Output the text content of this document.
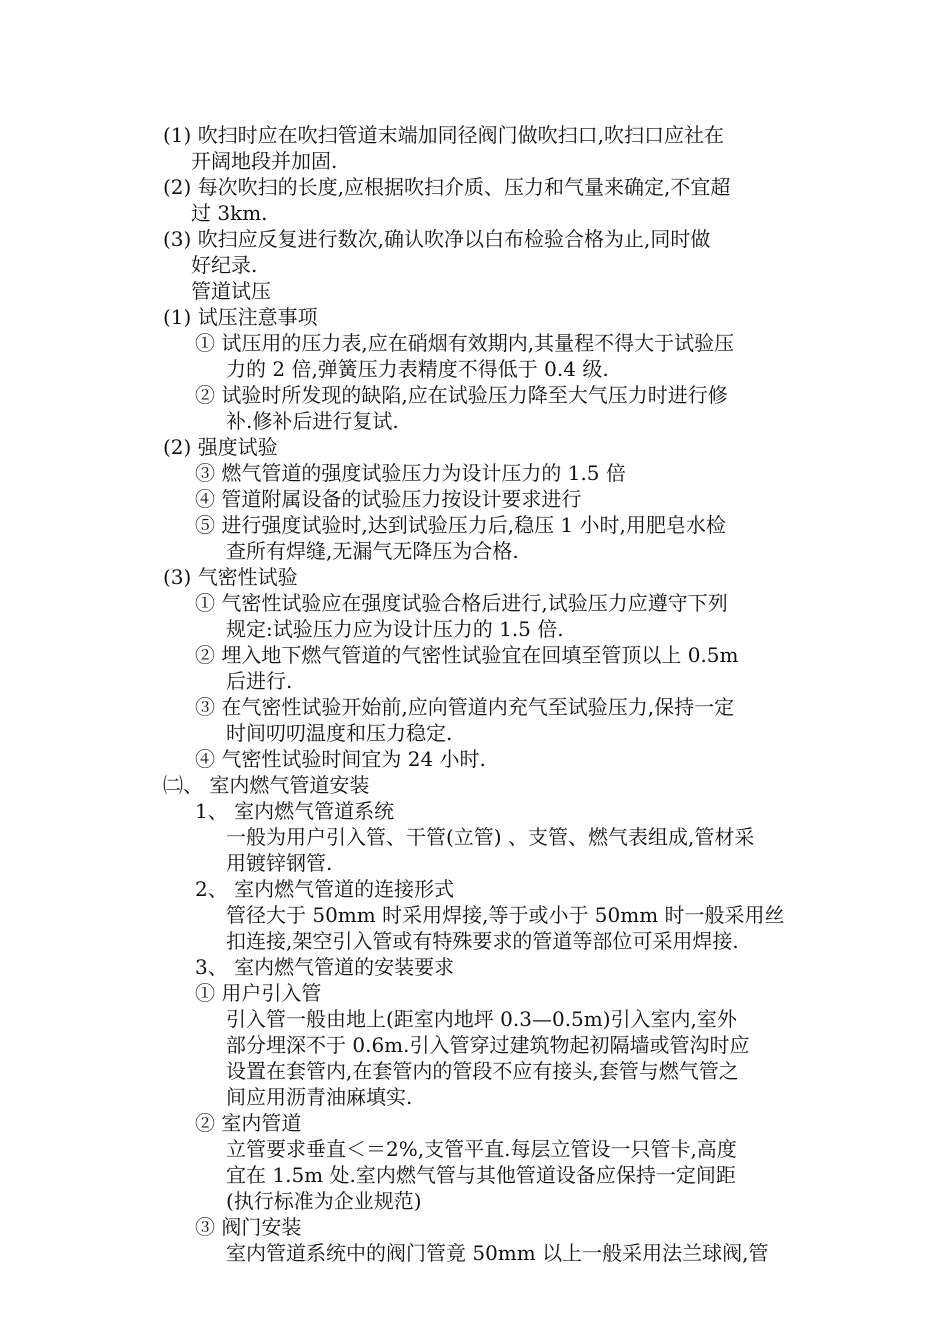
(1) 吹扫时应在吹扫管道末端加同径阀门做吹扫口,吹扫口应社在
开阔地段并加固.
(2) 每次吹扫的长度,应根据吹扫介质、压力和气量来确定,不宜超
过 3km.
(3) 吹扫应反复进行数次,确认吹净以白布检验合格为止,同时做
好纪录.
管道试压
(1) 试压注意事项
① 试压用的压力表,应在硝烟有效期内,其量程不得大于试验压
力的 2 倍,弹簧压力表精度不得低于 0.4 级.
② 试验时所发现的缺陷,应在试验压力降至大气压力时进行修
补.修补后进行复试.
(2) 强度试验
③ 燃气管道的强度试验压力为设计压力的 1.5 倍
④ 管道附属设备的试验压力按设计要求进行
⑤ 进行强度试验时,达到试验压力后,稳压 1 小时,用肥皂水检
查所有焊缝,无漏气无降压为合格.
(3) 气密性试验
① 气密性试验应在强度试验合格后进行,试验压力应遵守下列
规定:试验压力应为设计压力的 1.5 倍.
② 埋入地下燃气管道的气密性试验宜在回填至管顶以上 0.5m
后进行.
③ 在气密性试验开始前,应向管道内充气至试验压力,保持一定
时间叨叨温度和压力稳定.
④ 气密性试验时间宜为 24 小时.
㈡、 室内燃气管道安装
1、 室内燃气管道系统
一般为用户引入管、干管(立管) 、支管、燃气表组成,管材采
用镀锌钢管.
2、 室内燃气管道的连接形式
管径大于 50mm 时采用焊接,等于或小于 50mm 时一般采用丝
扣连接,架空引入管或有特殊要求的管道等部位可采用焊接.
3、 室内燃气管道的安装要求
① 用户引入管
引入管一般由地上(距室内地坪 0.3—0.5m)引入室内,室外
部分埋深不于 0.6m.引入管穿过建筑物起初隔墙或管沟时应
设置在套管内,在套管内的管段不应有接头,套管与燃气管之
间应用沥青油麻填实.
② 室内管道
立管要求垂直＜＝2%,支管平直.每层立管设一只管卡,高度
宜在 1.5m 处.室内燃气管与其他管道设备应保持一定间距
(执行标准为企业规范)
③ 阀门安装
室内管道系统中的阀门管竟 50mm 以上一般采用法兰球阀,管
